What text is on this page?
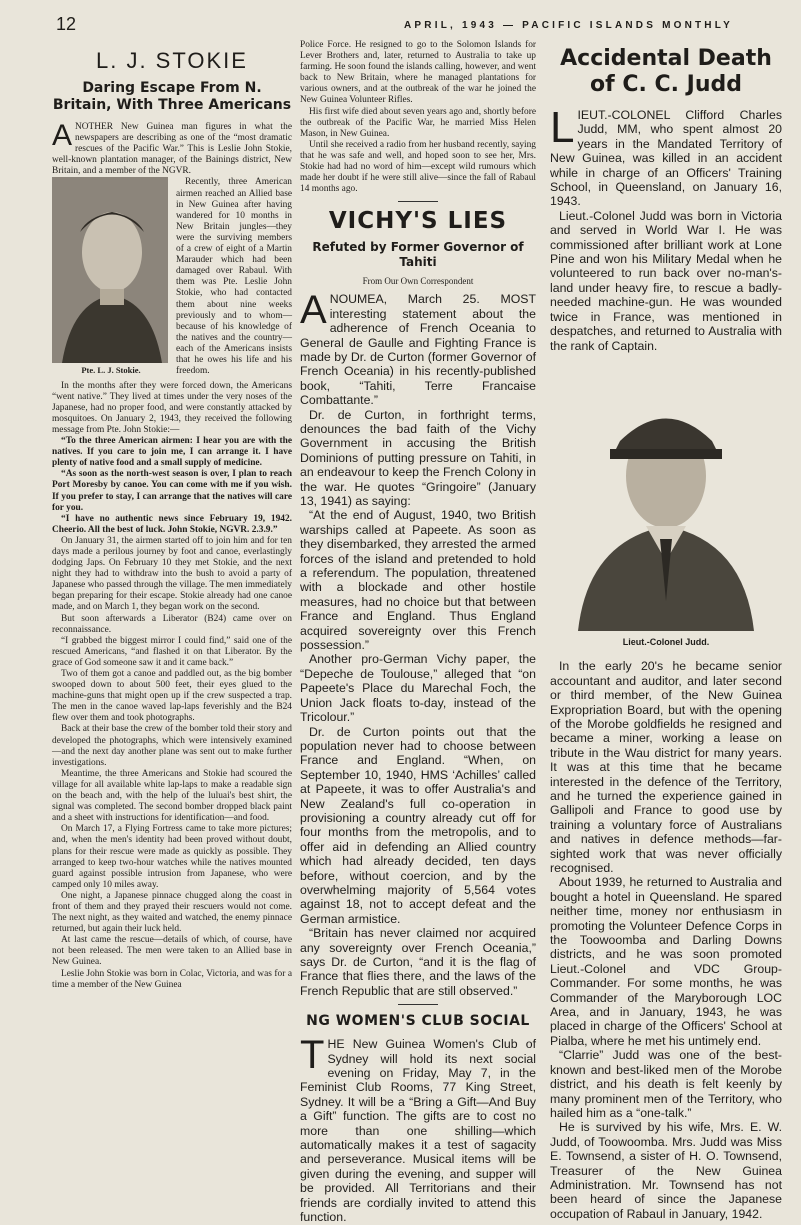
12	APRIL, 1943 — PACIFIC ISLANDS MONTHLY
L. J. STOKIE
Daring Escape From N. Britain, With Three Americans
A NOTHER New Guinea man figures in what the newspapers are describing as one of the “most dramatic rescues of the Pacific War.” This is Leslie John Stokie, well-known plantation manager, of the Bainings district, New Britain, and a member of the NGVR.

Pte. L. J. Stokie.

Recently, three American airmen reached an Allied base in New Guinea after having wandered for 10 months in New Britain jungles—they were the surviving members of a crew of eight of a Martin Marauder which had been damaged over Rabaul. With them was Pte. Leslie John Stokie, who had contacted them about nine weeks previously and to whom—because of his knowledge of the natives and the country—each of the Americans insists that he owes his life and his freedom.

In the months after they were forced down, the Americans “went native.” They lived at times under the very noses of the Japanese, had no proper food, and were constantly attacked by mosquitoes. On January 2, 1943, they received the following message from Pte. John Stokie:—

“To the three American airmen: I hear you are with the natives. If you care to join me, I can arrange it. I have plenty of native food and a small supply of medicine.

“As soon as the north-west season is over, I plan to reach Port Moresby by canoe. You can come with me if you wish. If you prefer to stay, I can arrange that the natives will care for you.

“I have no authentic news since February 19, 1942. Cheerio. All the best of luck. John Stokie, NGVR. 2.3.9.”

On January 31, the airmen started off to join him and for ten days made a perilous journey by foot and canoe, everlastingly dodging Japs. On February 10 they met Stokie, and the next night they had to withdraw into the bush to avoid a party of Japanese who passed through the village. The men immediately began preparing for their escape. Stokie already had one canoe made, and on March 1, they began work on the second.

But soon afterwards a Liberator (B24) came over on reconnaissance.

“I grabbed the biggest mirror I could find,” said one of the rescued Americans, “and flashed it on that Liberator. By the grace of God someone saw it and it came back.”

Two of them got a canoe and paddled out, as the big bomber swooped down to about 500 feet, their eyes glued to the machine-guns that might open up if the crew suspected a trap. The men in the canoe waved lap-laps feverishly and the B24 flew over them and took photographs.

Back at their base the crew of the bomber told their story and developed the photographs, which were intensively examined—and the next day another plane was sent out to make further investigations.

Meantime, the three Americans and Stokie had scoured the village for all available white lap-laps to make a readable sign on the beach and, with the help of the luluai's best shirt, the signal was completed. The second bomber dropped black paint and a sheet with instructions for identification—and food.

On March 17, a Flying Fortress came to take more pictures; and, when the men's identity had been proved without doubt, plans for their rescue were made as quickly as possible. They arranged to keep two-hour watches while the natives mounted guard against possible intrusion from Japanese, who were camped only 10 miles away.

One night, a Japanese pinnace chugged along the coast in front of them and they prayed their rescuers would not come. The next night, as they waited and watched, the enemy pinnace returned, but again their luck held.

At last came the rescue—details of which, of course, have not been released. The men were taken to an Allied base in New Guinea.

Leslie John Stokie was born in Colac, Victoria, and was for a time a member of the New Guinea

Police Force. He resigned to go to the Solomon Islands for Lever Brothers and, later, returned to Australia to take up farming. He soon found the islands calling, however, and went back to New Britain, where he managed plantations for various owners, and at the outbreak of the war he joined the New Guinea Volunteer Rifles.

His first wife died about seven years ago and, shortly before the outbreak of the Pacific War, he married Miss Helen Mason, in New Guinea.

Until she received a radio from her husband recently, saying that he was safe and well, and hoped soon to see her, Mrs. Stokie had had no word of him—except wild rumours which made her doubt if he were still alive—since the fall of Rabaul 14 months ago.

VICHY'S LIES
Refuted by Former Governor of Tahiti
From Our Own Correspondent
A NOUMEA, March 25. MOST interesting statement about the adherence of French Oceania to General de Gaulle and Fighting France is made by Dr. de Curton (former Governor of French Oceania) in his recently-published book, “Tahiti, Terre Francaise Combattante.”

Dr. de Curton, in forthright terms, denounces the bad faith of the Vichy Government in accusing the British Dominions of putting pressure on Tahiti, in an endeavour to keep the French Colony in the war. He quotes “Gringoire” (January 13, 1941) as saying:

“At the end of August, 1940, two British warships called at Papeete. As soon as they disembarked, they arrested the armed forces of the island and pretended to hold a referendum. The population, threatened with a blockade and other hostile measures, had no choice but that between France and England. Thus England acquired sovereignty over this French possession.”

Another pro-German Vichy paper, the “Depeche de Toulouse,” alleged that “on Papeete's Place du Marechal Foch, the Union Jack floats to-day, instead of the Tricolour.”

Dr. de Curton points out that the population never had to choose between France and England. “When, on September 10, 1940, HMS ‘Achilles’ called at Papeete, it was to offer Australia's and New Zealand's full co-operation in provisioning a country already cut off for four months from the metropolis, and to offer aid in defending an Allied country which had already decided, ten days before, without coercion, and by the overwhelming majority of 5,564 votes against 18, not to accept defeat and the German armistice.

“Britain has never claimed nor acquired any sovereignty over French Oceania,” says Dr. de Curton, “and it is the flag of France that flies there, and the laws of the French Republic that are still observed.”

NG WOMEN'S CLUB SOCIAL
T HE New Guinea Women's Club of Sydney will hold its next social evening on Friday, May 7, in the Feminist Club Rooms, 77 King Street, Sydney. It will be a “Bring a Gift—And Buy a Gift” function. The gifts are to cost no more than one shilling—which automatically makes it a test of sagacity and perseverance. Musical items will be given during the evening, and supper will be provided. All Territorians and their friends are cordially invited to attend this function.

Accidental Death of C. C. Judd
L IEUT.-COLONEL Clifford Charles Judd, MM, who spent almost 20 years in the Mandated Territory of New Guinea, was killed in an accident while in charge of an Officers' Training School, in Queensland, on January 16, 1943.

Lieut.-Colonel Judd was born in Victoria and served in World War I. He was commissioned after brilliant work at Lone Pine and won his Military Medal when he volunteered to run back over no-man's-land under heavy fire, to rescue a badly-needed machine-gun. He was wounded twice in France, was mentioned in despatches, and returned to Australia with the rank of Captain.

Lieut.-Colonel Judd.

In the early 20's he became senior accountant and auditor, and later second or third member, of the New Guinea Expropriation Board, but with the opening of the Morobe goldfields he resigned and became a miner, working a lease on tribute in the Wau district for many years. It was at this time that he became interested in the defence of the Territory, and he turned the experience gained in Gallipoli and France to good use by training a voluntary force of Australians and natives in defence methods—far-sighted work that was never officially recognised.

About 1939, he returned to Australia and bought a hotel in Queensland. He spared neither time, money nor enthusiasm in promoting the Volunteer Defence Corps in the Toowoomba and Darling Downs districts, and he was soon promoted Lieut.-Colonel and VDC Group-Commander. For some months, he was Commander of the Maryborough LOC Area, and in January, 1943, he was placed in charge of the Officers' School at Pialba, where he met his untimely end.

“Clarrie” Judd was one of the best-known and best-liked men of the Morobe district, and his death is felt keenly by many prominent men of the Territory, who hailed him as a “one-talk.”

He is survived by his wife, Mrs. E. W. Judd, of Toowoomba. Mrs. Judd was Miss E. Townsend, a sister of H. O. Townsend, Treasurer of the New Guinea Administration. Mr. Townsend has not been heard of since the Japanese occupation of Rabaul in January, 1942.
